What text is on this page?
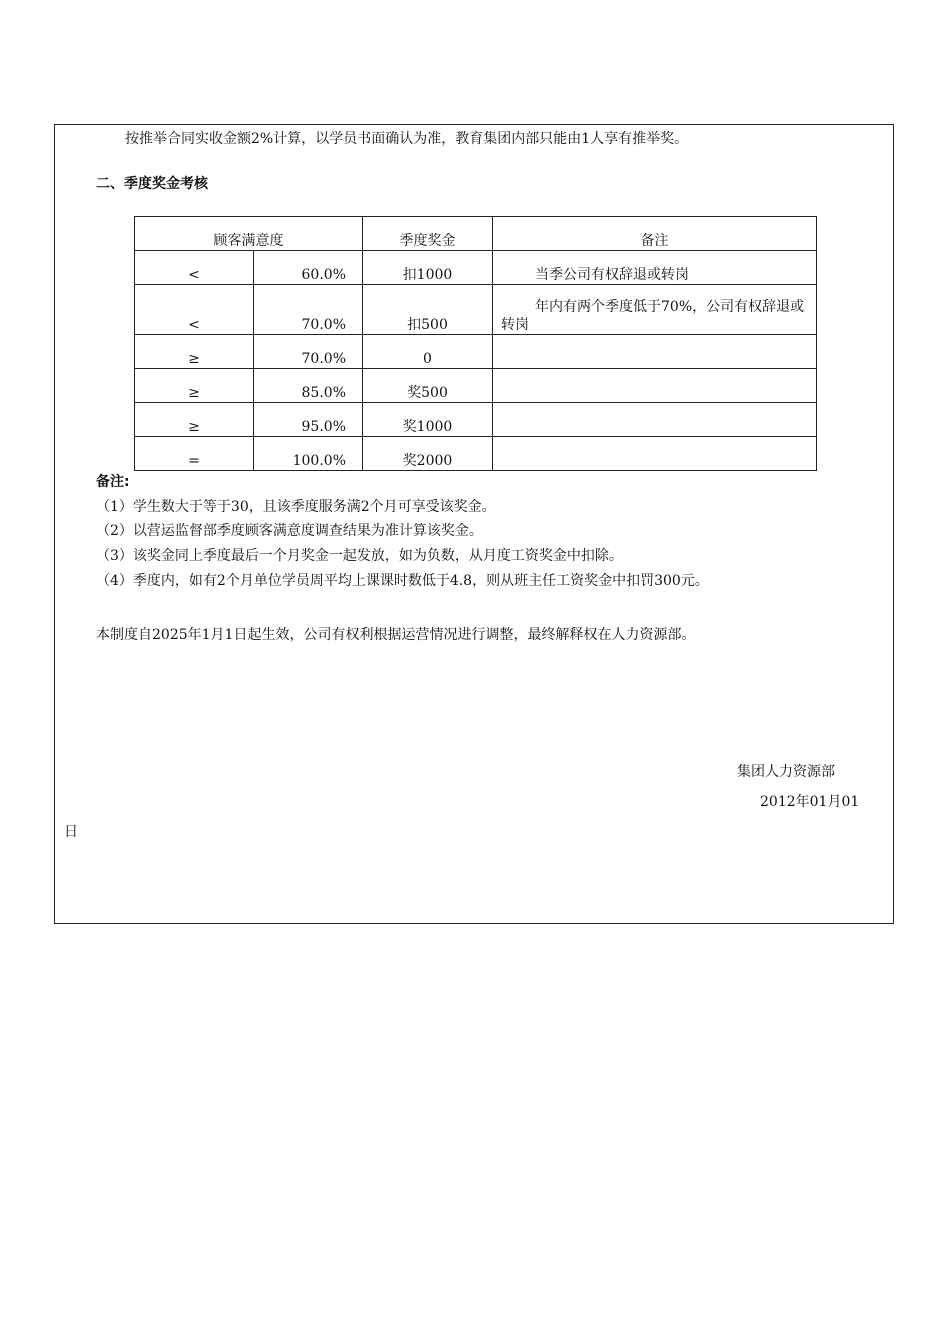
按推举合同实收金额2%计算，以学员书面确认为准，教育集团内部只能由1人享有推举奖。
二、季度奖金考核
顾客满意度		季度奖金	备注
<	60.0%	扣1000	当季公司有权辞退或转岗
<	70.0%	扣500	年内有两个季度低于70%，公司有权辞退或转岗
≥	70.0%	0	
≥	85.0%	奖500	
≥	95.0%	奖1000	
=	100.0%	奖2000	
备注:
（1）学生数大于等于30，且该季度服务满2个月可享受该奖金。
（2）以营运监督部季度顾客满意度调查结果为准计算该奖金。
（3）该奖金同上季度最后一个月奖金一起发放，如为负数，从月度工资奖金中扣除。
（4）季度内，如有2个月单位学员周平均上课课时数低于4.8，则从班主任工资奖金中扣罚300元。
本制度自2025年1月1日起生效，公司有权利根据运营情况进行调整，最终解释权在人力资源部。
集团人力资源部
2012年01月01
日
